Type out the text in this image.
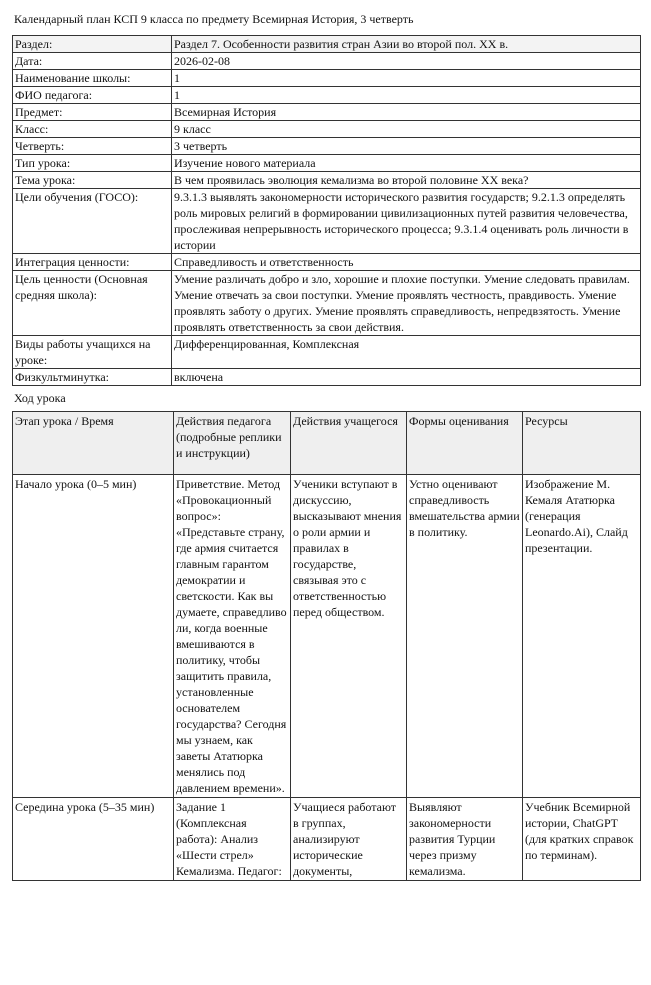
Календарный план КСП 9 класса по предмету Всемирная История, 3 четверть
Раздел:	Раздел 7. Особенности развития стран Азии во второй пол. XX в.
Дата:	2026-02-08
Наименование школы:	1
ФИО педагога:	1
Предмет:	Всемирная История
Класс:	9 класс
Четверть:	3 четверть
Тип урока:	Изучение нового материала
Тема урока:	В чем проявилась эволюция кемализма во второй половине XX века?
Цели обучения (ГОСО):	9.3.1.3 выявлять закономерности исторического развития государств; 9.2.1.3 определять роль мировых религий в формировании цивилизационных путей развития человечества, прослеживая непрерывность исторического процесса; 9.3.1.4 оценивать роль личности в истории
Интеграция ценности:	Справедливость и ответственность
Цель ценности (Основная средняя школа):	Умение различать добро и зло, хорошие и плохие поступки. Умение следовать правилам. Умение отвечать за свои поступки. Умение проявлять честность, правдивость. Умение проявлять заботу о других. Умение проявлять справедливость, непредвзятость. Умение проявлять ответственность за свои действия.
Виды работы учащихся на уроке:	Дифференцированная, Комплексная
Физкультминутка:	включена
Ход урока
Этап урока / Время	Действия педагога (подробные реплики и инструкции)	Действия учащегося	Формы оценивания	Ресурсы
Начало урока (0–5 мин)	Приветствие. Метод «Провокационный вопрос»: «Представьте страну, где армия считается главным гарантом демократии и светскости. Как вы думаете, справедливо ли, когда военные вмешиваются в политику, чтобы защитить правила, установленные основателем государства? Сегодня мы узнаем, как заветы Ататюрка менялись под давлением времени».	Ученики вступают в дискуссию, высказывают мнения о роли армии и правилах в государстве, связывая это с ответственностью перед обществом.	Устно оценивают справедливость вмешательства армии в политику.	Изображение М. Кемаля Ататюрка (генерация Leonardo.Ai), Слайд презентации.
Середина урока (5–35 мин)	Задание 1 (Комплексная работа): Анализ «Шести стрел» Кемализма. Педагог:	Учащиеся работают в группах, анализируют исторические документы,	Выявляют закономерности развития Турции через призму кемализма.	Учебник Всемирной истории, ChatGPT (для кратких справок по терминам).
